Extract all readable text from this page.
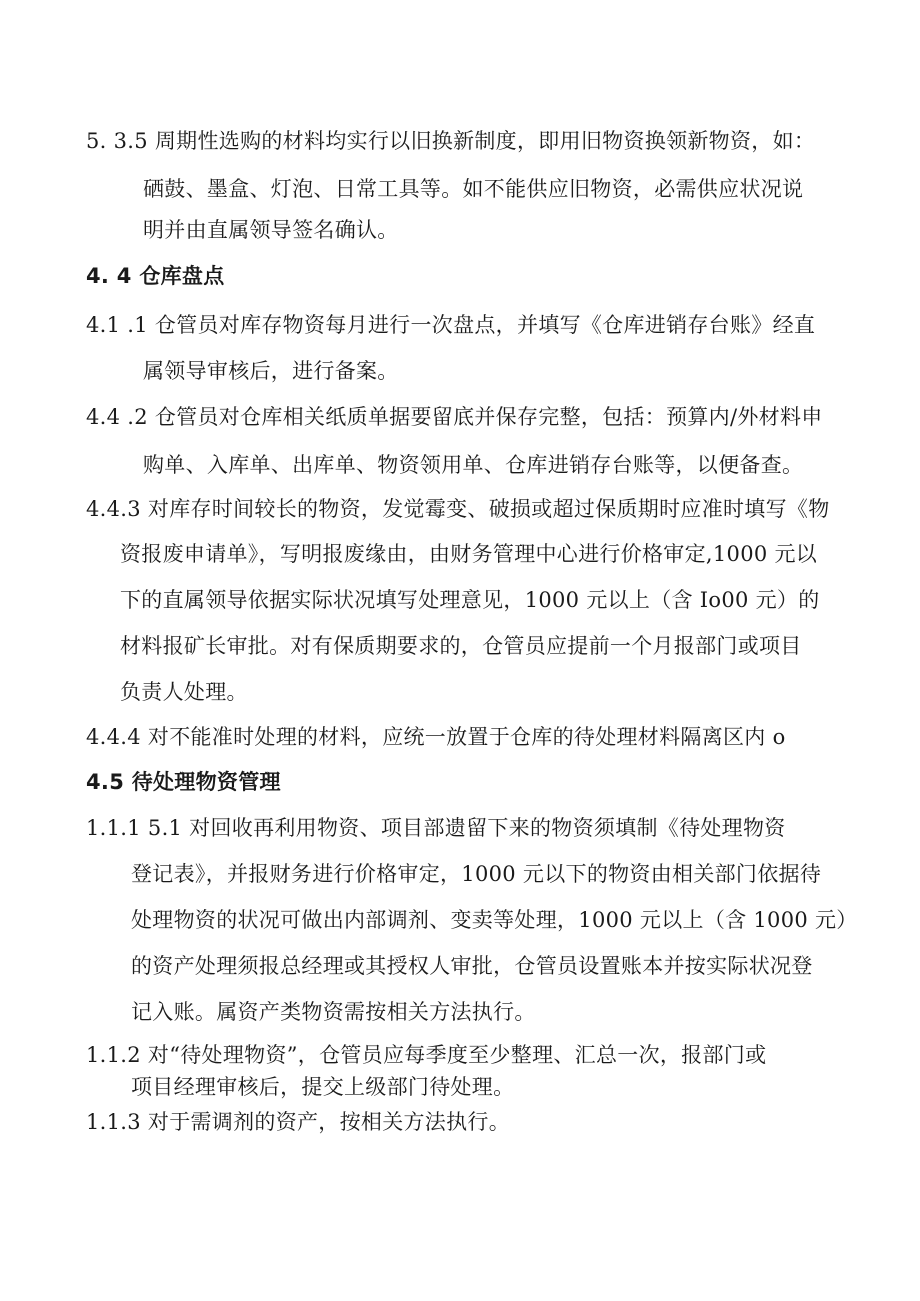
5. 3.5 周期性选购的材料均实行以旧换新制度，即用旧物资换领新物资，如：
硒鼓、墨盒、灯泡、日常工具等。如不能供应旧物资，必需供应状况说
明并由直属领导签名确认。
4. 4 仓库盘点
4.1 .1 仓管员对库存物资每月进行一次盘点，并填写《仓库进销存台账》经直
属领导审核后，进行备案。
4.4 .2 仓管员对仓库相关纸质单据要留底并保存完整，包括：预算内/外材料申
购单、入库单、出库单、物资领用单、仓库进销存台账等，以便备查。
4.4.3 对库存时间较长的物资，发觉霉变、破损或超过保质期时应准时填写《物
资报废申请单》，写明报废缘由，由财务管理中心进行价格审定,1000 元以
下的直属领导依据实际状况填写处理意见，1000 元以上（含 Io00 元）的
材料报矿长审批。对有保质期要求的，仓管员应提前一个月报部门或项目
负责人处理。
4.4.4 对不能准时处理的材料，应统一放置于仓库的待处理材料隔离区内 o
4.5 待处理物资管理
1.1.1 5.1 对回收再利用物资、项目部遗留下来的物资须填制《待处理物资
登记表》，并报财务进行价格审定，1000 元以下的物资由相关部门依据待
处理物资的状况可做出内部调剂、变卖等处理，1000 元以上（含 1000 元）
的资产处理须报总经理或其授权人审批，仓管员设置账本并按实际状况登
记入账。属资产类物资需按相关方法执行。
1.1.2 对“待处理物资”，仓管员应每季度至少整理、汇总一次，报部门或
项目经理审核后，提交上级部门待处理。
1.1.3 对于需调剂的资产，按相关方法执行。
